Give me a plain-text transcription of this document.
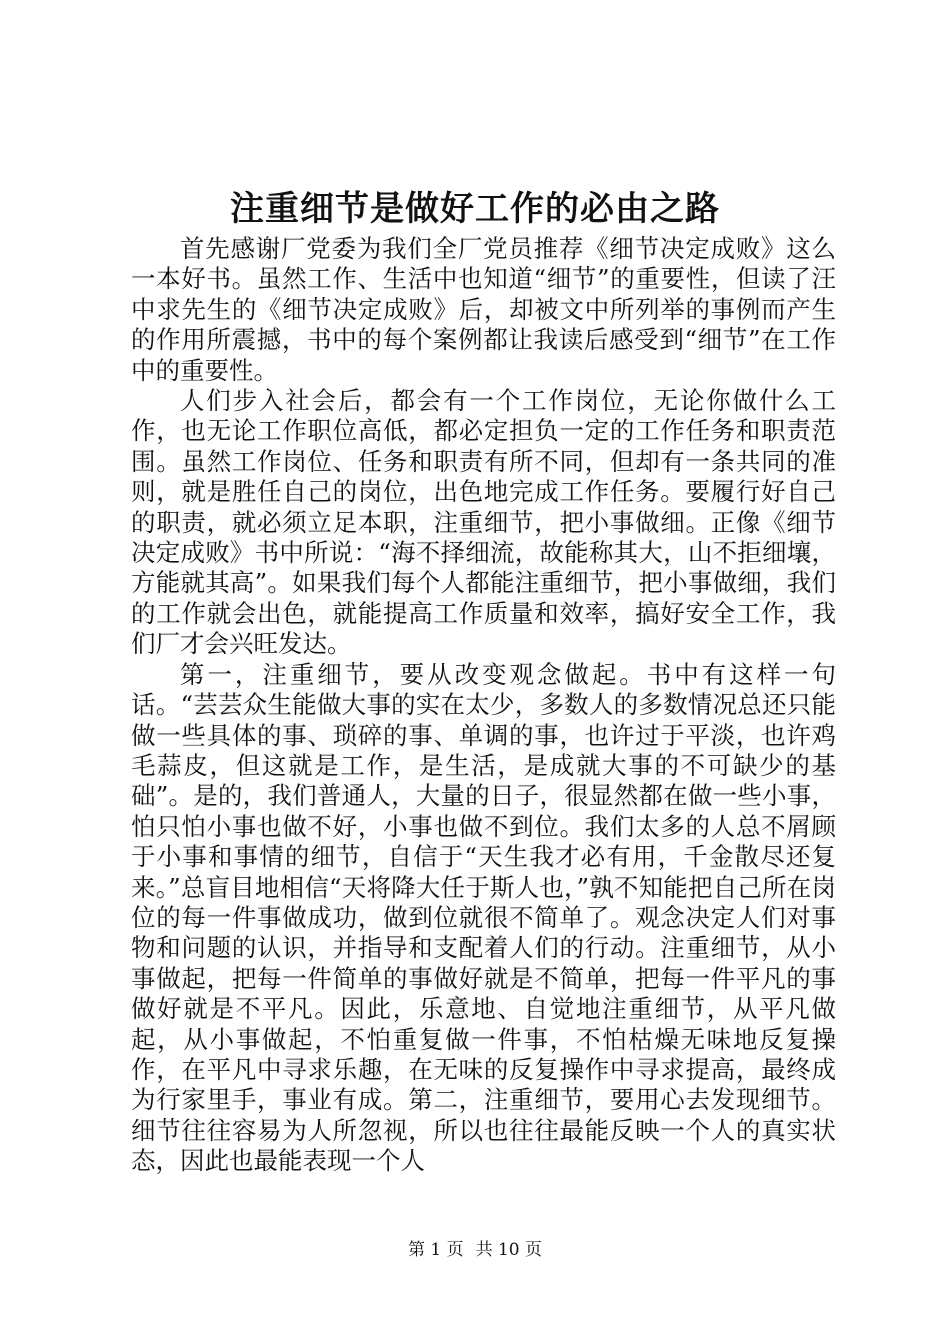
注重细节是做好工作的必由之路

首先感谢厂党委为我们全厂党员推荐《细节决定成败》这么一本好书。虽然工作、生活中也知道“细节”的重要性，但读了汪中求先生的《细节决定成败》后，却被文中所列举的事例而产生的作用所震撼，书中的每个案例都让我读后感受到“细节”在工作中的重要性。

人们步入社会后，都会有一个工作岗位，无论你做什么工作，也无论工作职位高低，都必定担负一定的工作任务和职责范围。虽然工作岗位、任务和职责有所不同，但却有一条共同的准则，就是胜任自己的岗位，出色地完成工作任务。要履行好自己的职责，就必须立足本职，注重细节，把小事做细。正像《细节决定成败》书中所说：“海不择细流，故能称其大，山不拒细壤，方能就其高”。如果我们每个人都能注重细节，把小事做细，我们的工作就会出色，就能提高工作质量和效率，搞好安全工作，我们厂才会兴旺发达。

第一，注重细节，要从改变观念做起。书中有这样一句话。“芸芸众生能做大事的实在太少，多数人的多数情况总还只能做一些具体的事、琐碎的事、单调的事，也许过于平淡，也许鸡毛蒜皮，但这就是工作，是生活，是成就大事的不可缺少的基础”。是的，我们普通人，大量的日子，很显然都在做一些小事，怕只怕小事也做不好，小事也做不到位。我们太多的人总不屑顾于小事和事情的细节，自信于“天生我才必有用，千金散尽还复来。”总盲目地相信“天将降大任于斯人也，”孰不知能把自己所在岗位的每一件事做成功，做到位就很不简单了。观念决定人们对事物和问题的认识，并指导和支配着人们的行动。注重细节，从小事做起，把每一件简单的事做好就是不简单，把每一件平凡的事做好就是不平凡。因此，乐意地、自觉地注重细节，从平凡做起，从小事做起，不怕重复做一件事，不怕枯燥无味地反复操作，在平凡中寻求乐趣，在无味的反复操作中寻求提高，最终成为行家里手，事业有成。第二，注重细节，要用心去发现细节。细节往往容易为人所忽视，所以也往往最能反映一个人的真实状态，因此也最能表现一个人

第 1 页 共 10 页
